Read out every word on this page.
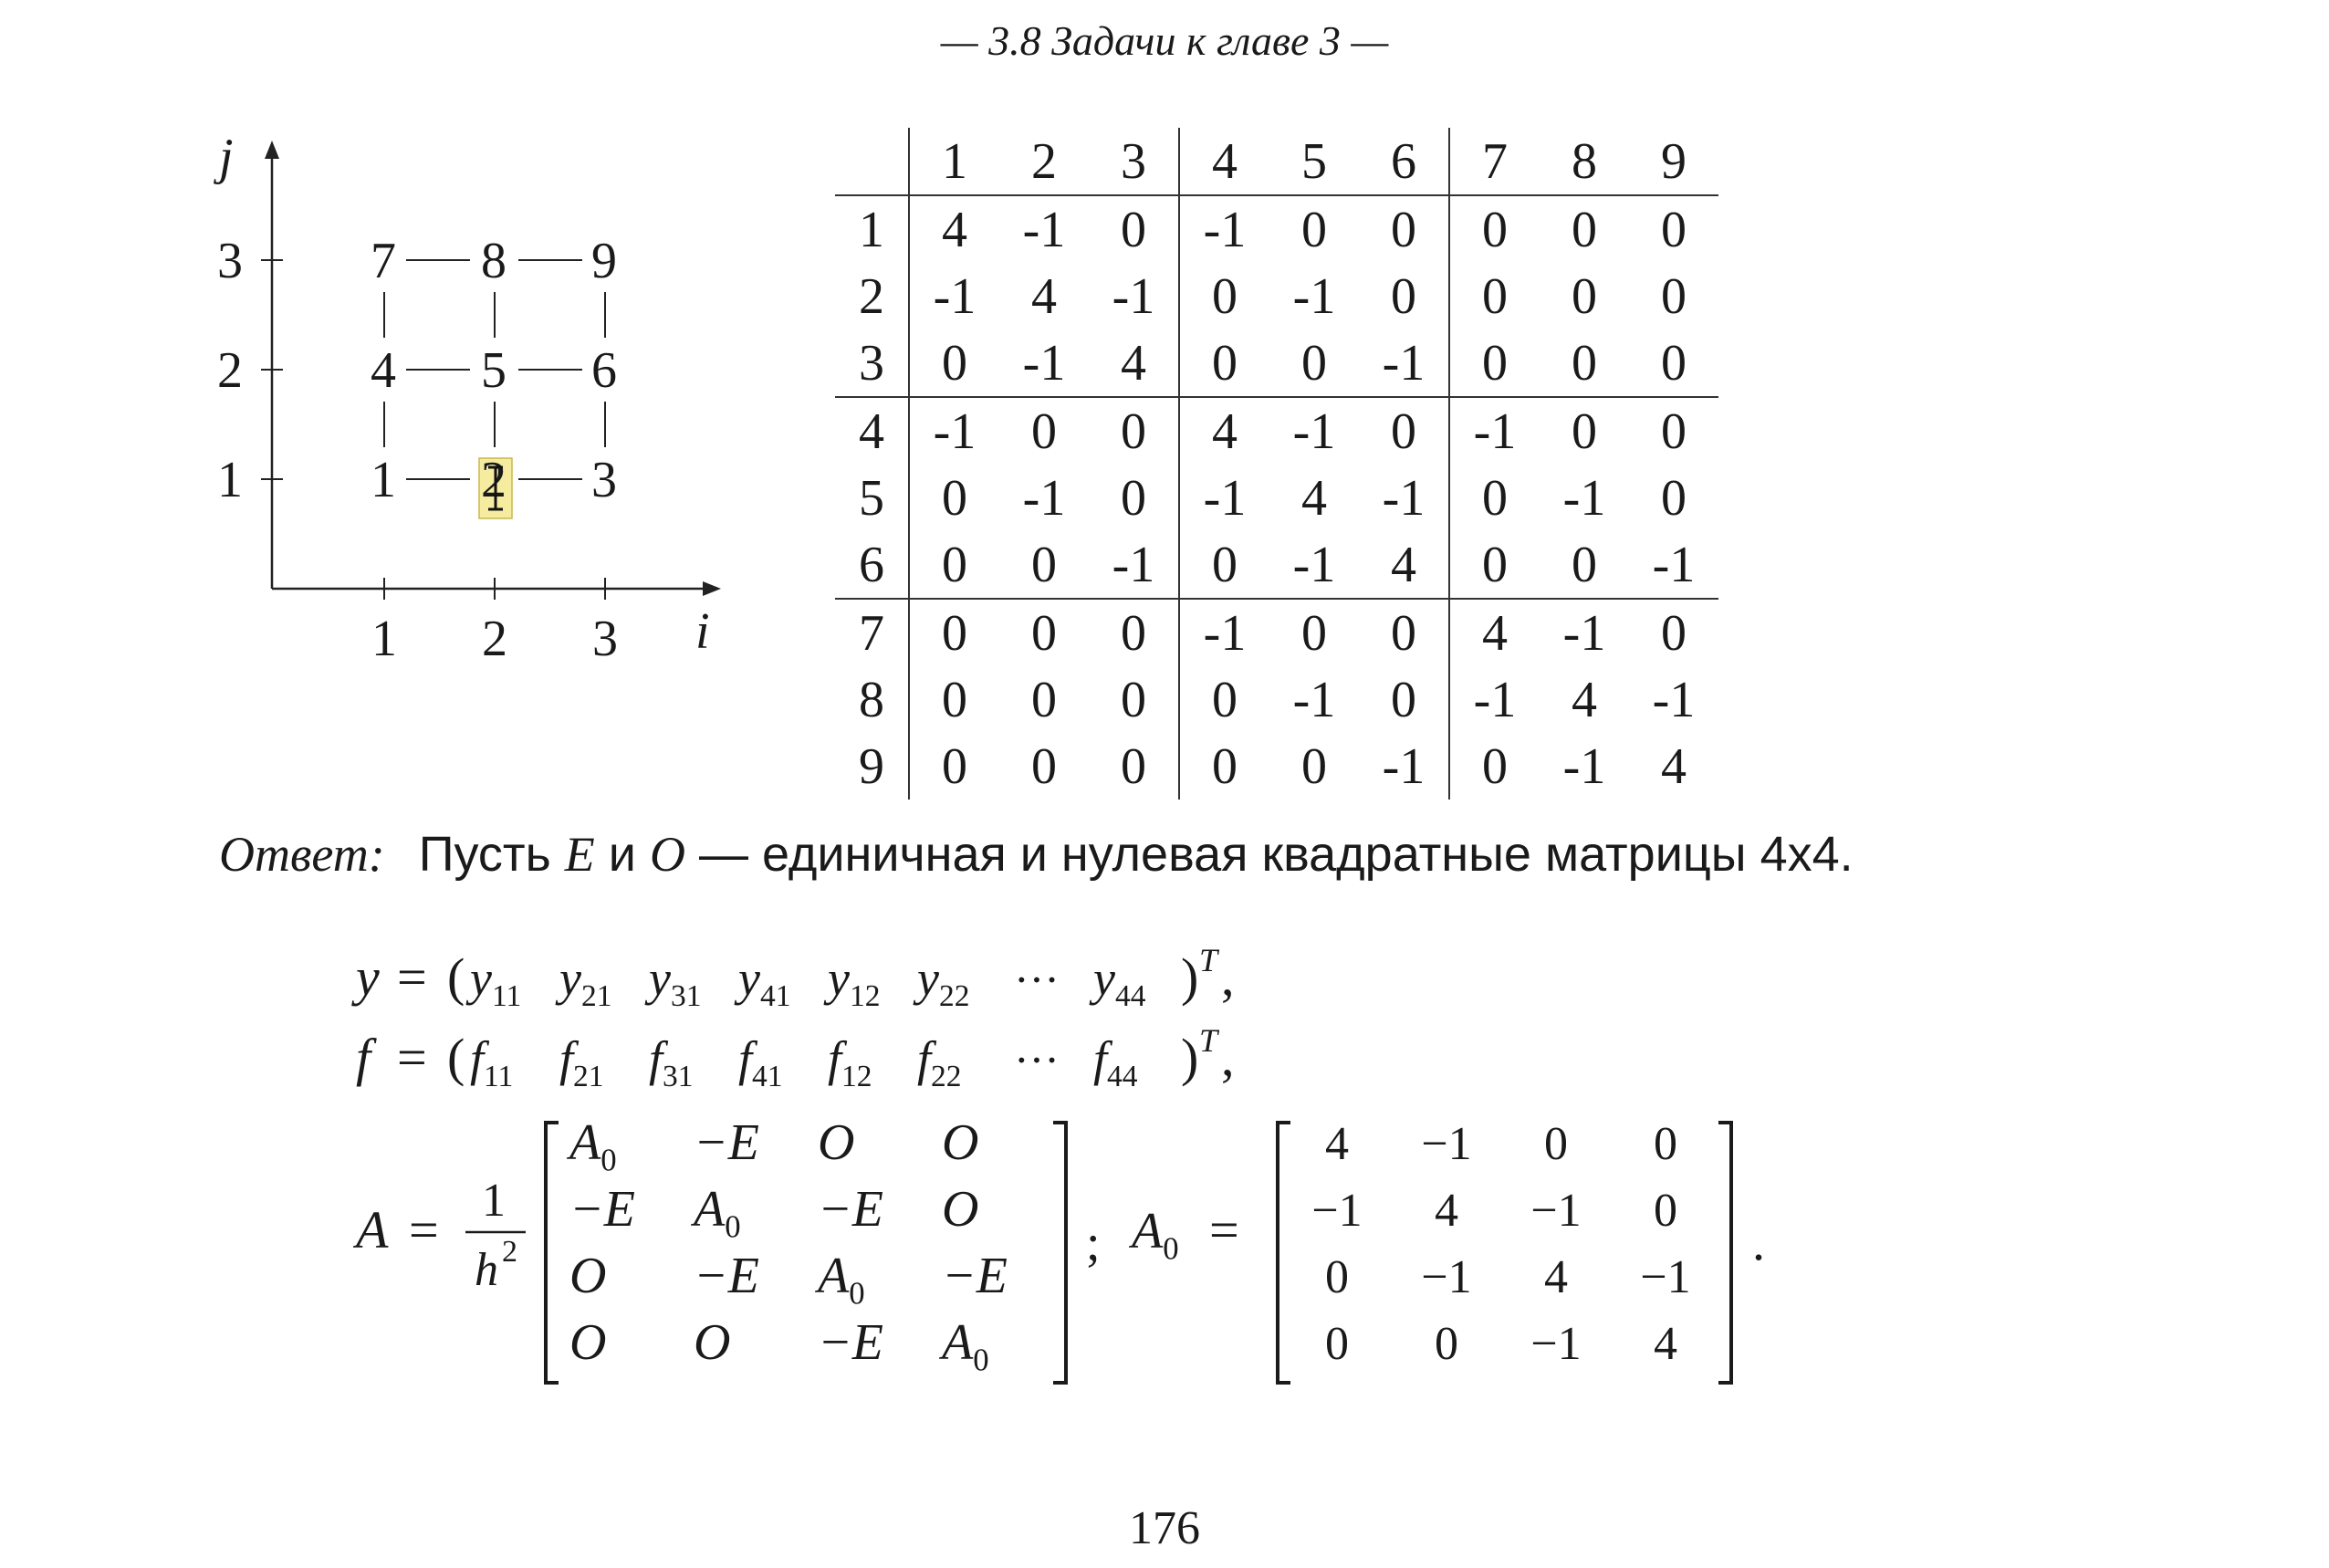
— 3.8 Задачи к главе 3 —
j
i
3
2
1
1 2 3
7 8 9
4 5 6
1 2 3
	1	2	3	4	5	6	7	8	9
1	4	-1	0	-1	0	0	0	0	0
2	-1	4	-1	0	-1	0	0	0	0
3	0	-1	4	0	0	-1	0	0	0
4	-1	0	0	4	-1	0	-1	0	0
5	0	-1	0	-1	4	-1	0	-1	0
6	0	0	-1	0	-1	4	0	0	-1
7	0	0	0	-1	0	0	4	-1	0
8	0	0	0	0	-1	0	-1	4	-1
9	0	0	0	0	0	-1	0	-1	4
Ответ: Пусть E и O — единичная и нулевая квадратные матрицы 4x4.
y = ( $y_{11}$ $y_{21}$ $y_{31}$ $y_{41}$ $y_{12}$ $y_{22}$ ··· $y_{44}$ ) T ,
f = ( $f_{11}$ $f_{21}$ $f_{31}$ $f_{41}$ $f_{12}$ $f_{22}$ ··· $f_{44}$ ) T ,
A = 1
h 2
$A_0 -E$ O O
−E $A_0 -E$ O
O −E $A_0 -E$
O O −E $A_0$
; $A_0$ =
4 −1 0 0
−1 4 −1 0
0 −1 4 −1
0 0 −1 4
.
176
